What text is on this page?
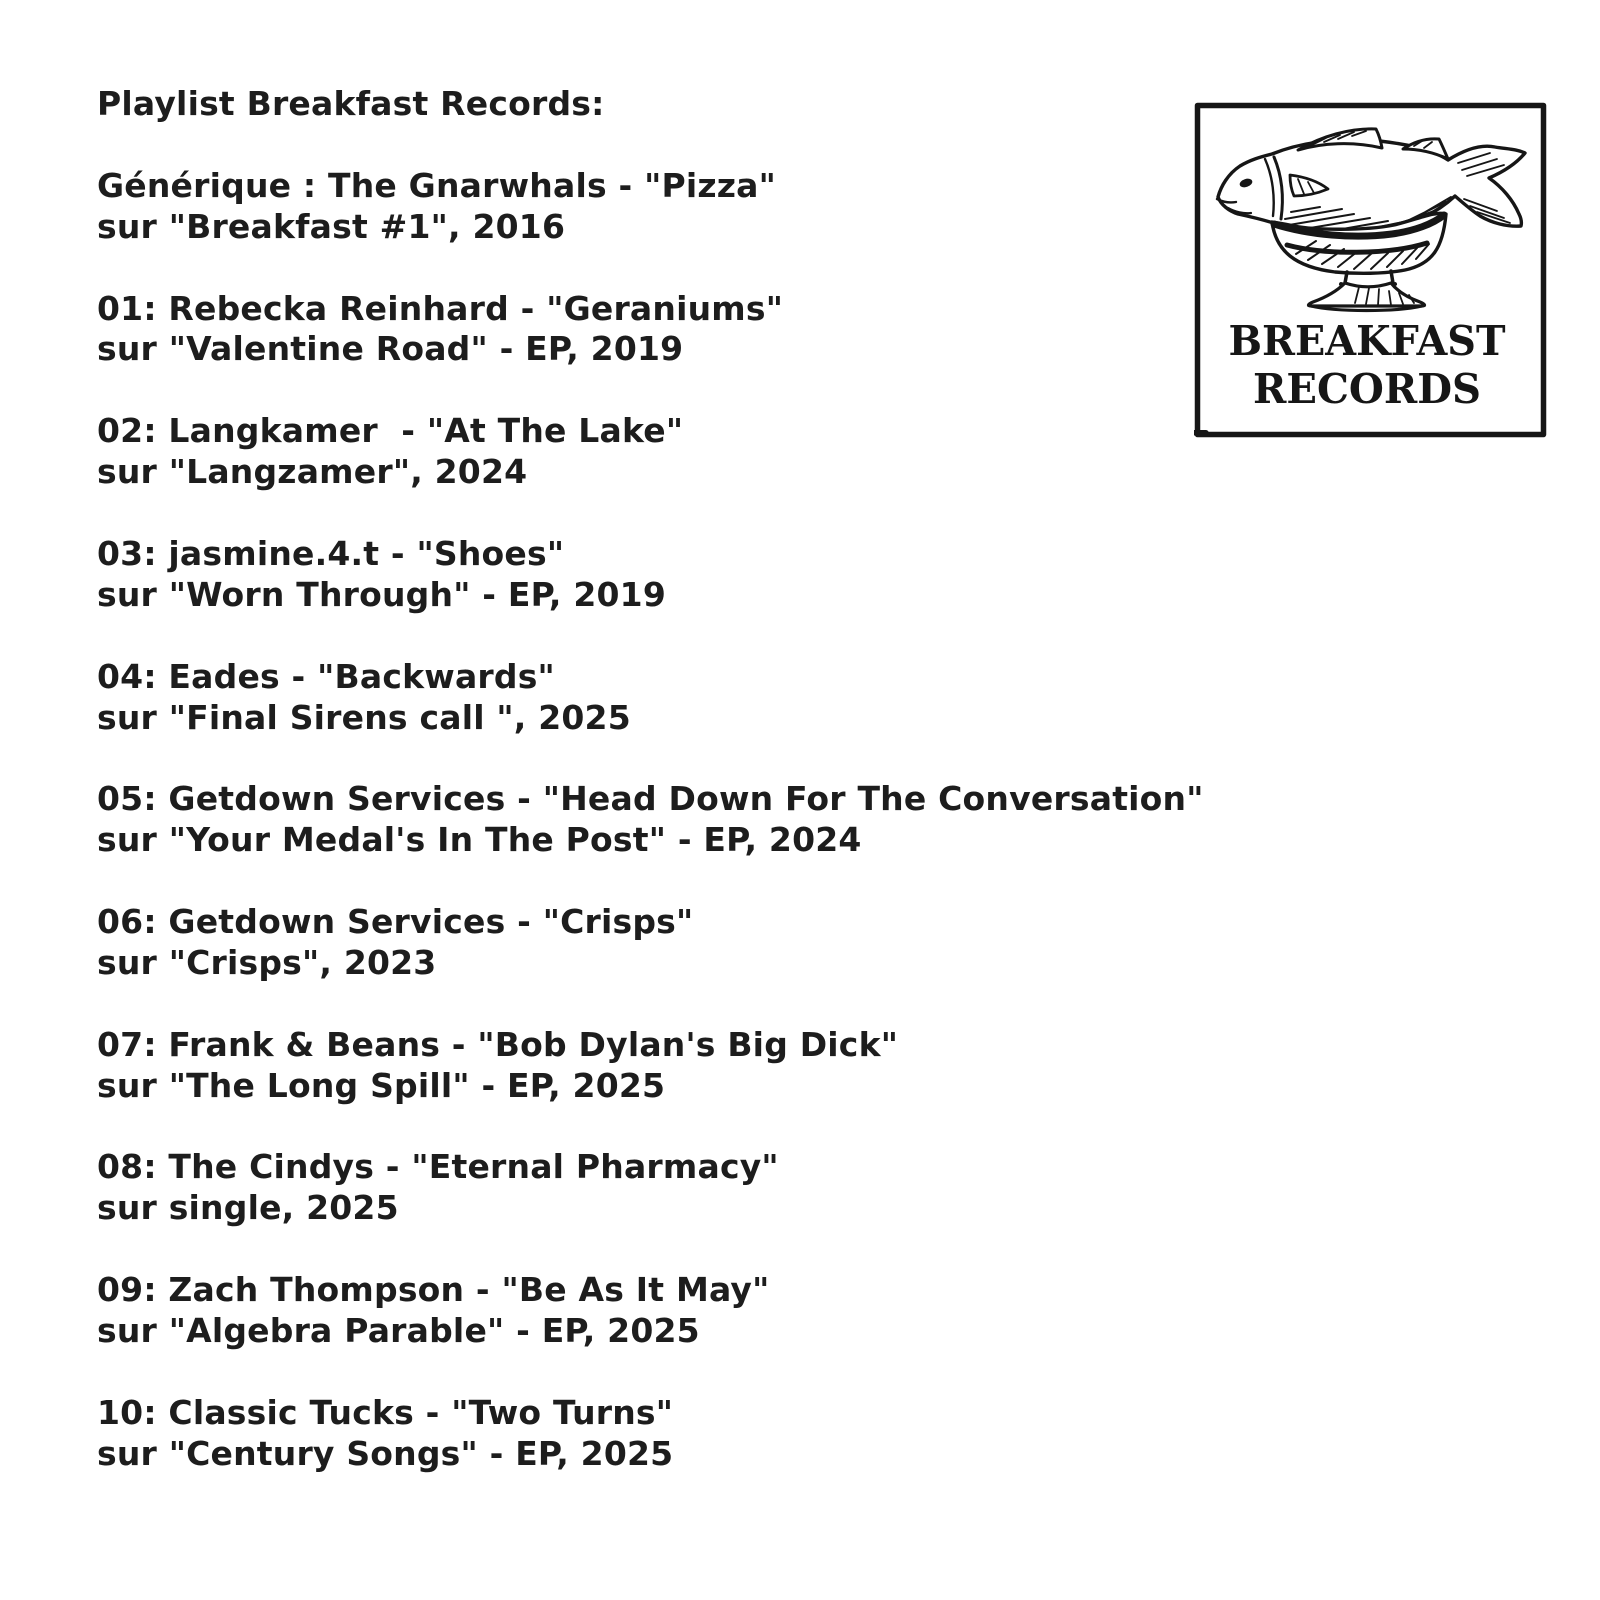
Playlist Breakfast Records:
Générique : The Gnarwhals - "Pizza"
sur "Breakfast #1", 2016
01: Rebecka Reinhard - "Geraniums"
sur "Valentine Road" - EP, 2019
02: Langkamer  - "At The Lake"
sur "Langzamer", 2024
03: jasmine.4.t - "Shoes"
sur "Worn Through" - EP, 2019
04: Eades - "Backwards"
sur "Final Sirens call ", 2025
05: Getdown Services - "Head Down For The Conversation"
sur "Your Medal's In The Post" - EP, 2024
06: Getdown Services - "Crisps"
sur "Crisps", 2023
07: Frank & Beans - "Bob Dylan's Big Dick"
sur "The Long Spill" - EP, 2025
08: The Cindys - "Eternal Pharmacy"
sur single, 2025
09: Zach Thompson - "Be As It May"
sur "Algebra Parable" - EP, 2025
10: Classic Tucks - "Two Turns"
sur "Century Songs" - EP, 2025
BREAKFAST
RECORDS
